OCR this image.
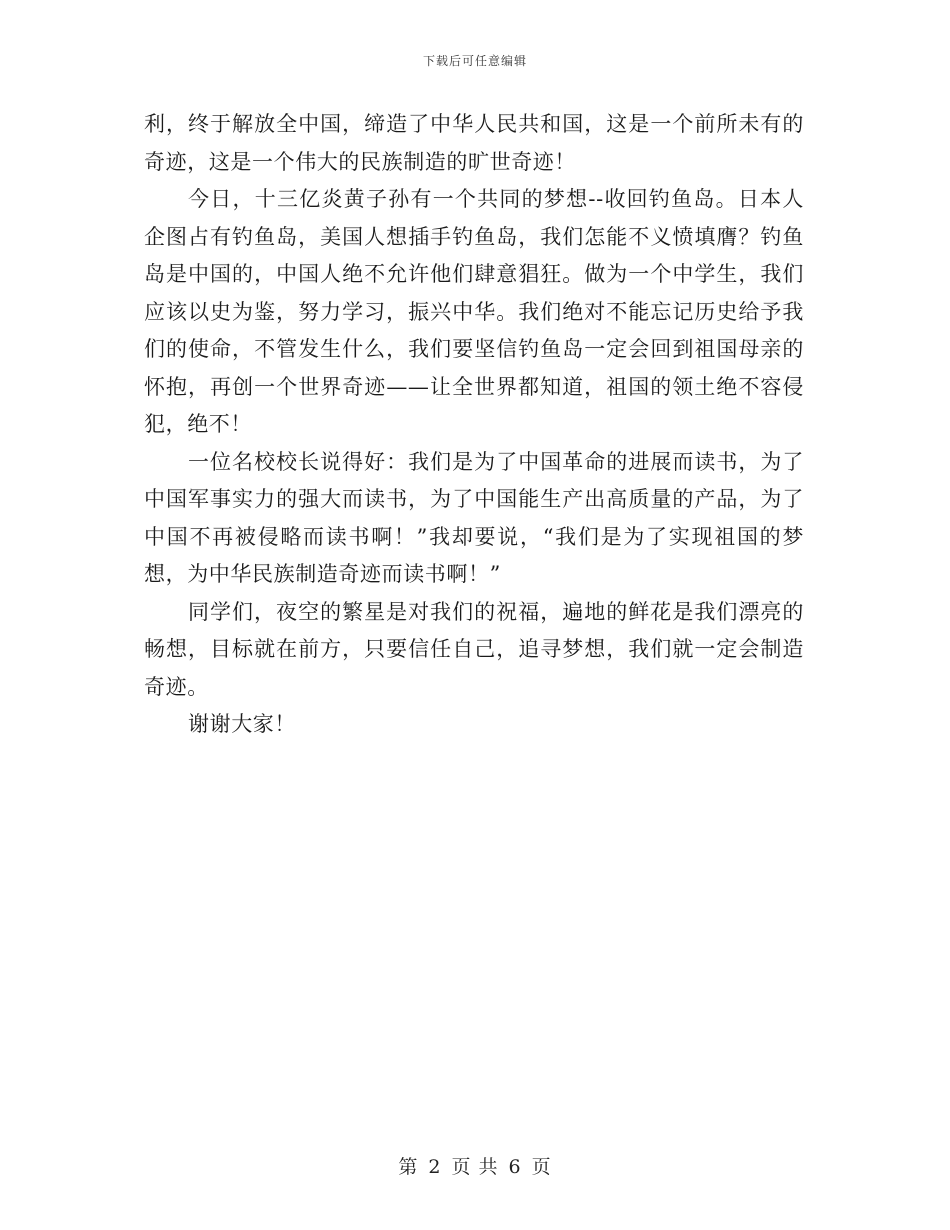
下载后可任意编辑

利，终于解放全中国，缔造了中华人民共和国，这是一个前所未有的奇迹，这是一个伟大的民族制造的旷世奇迹！

今日，十三亿炎黄子孙有一个共同的梦想--收回钓鱼岛。日本人企图占有钓鱼岛，美国人想插手钓鱼岛，我们怎能不义愤填膺？钓鱼岛是中国的，中国人绝不允许他们肆意猖狂。做为一个中学生，我们应该以史为鉴，努力学习，振兴中华。我们绝对不能忘记历史给予我们的使命，不管发生什么，我们要坚信钓鱼岛一定会回到祖国母亲的怀抱，再创一个世界奇迹——让全世界都知道，祖国的领土绝不容侵犯，绝不！

一位名校校长说得好：我们是为了中国革命的进展而读书，为了中国军事实力的强大而读书，为了中国能生产出高质量的产品，为了中国不再被侵略而读书啊！”我却要说，“我们是为了实现祖国的梦想，为中华民族制造奇迹而读书啊！”

同学们，夜空的繁星是对我们的祝福，遍地的鲜花是我们漂亮的畅想，目标就在前方，只要信任自己，追寻梦想，我们就一定会制造奇迹。

谢谢大家！

第 2 页 共 6 页
